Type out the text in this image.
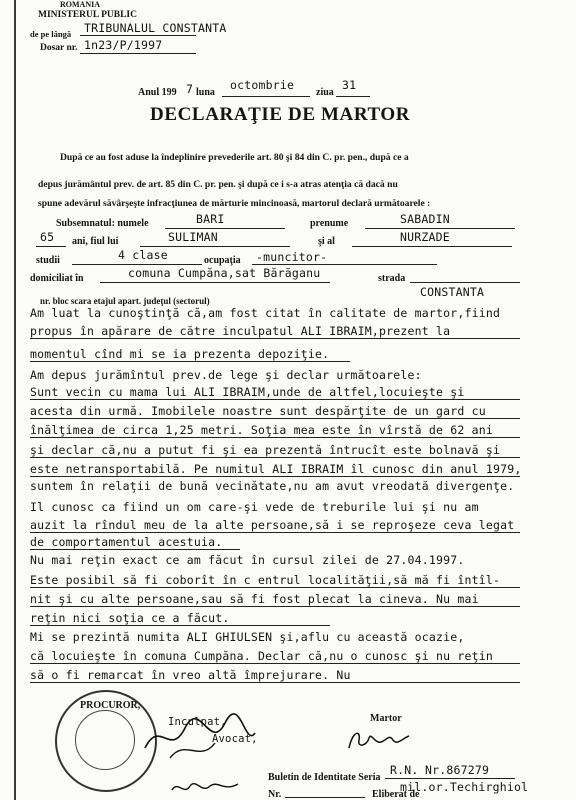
ROMANIA
MINISTERUL PUBLIC
de pe lângă TRIBUNALUL CONSTANTA
Dosar nr. 1n23/P/1997
Anul 199 7 luna
octombrie
ziua
31
DECLARAŢIE DE MARTOR
După ce au fost aduse la îndeplinire prevederile art. 80 şi 84 din C. pr. pen., după ce a
depus jurământul prev. de art. 85 din C. pr. pen. şi după ce i s-a atras atenţia că dacă nu
spune adevărul săvârşeşte infracţiunea de mărturie mincinoasă, martorul declară următoarele :
Subsemnatul: numele	BARI	prenume	SABADIN
65 ani, fiul lui	SULIMAN	şi al	NURZADE
studii	4 clase	ocupaţia -muncitor-
domiciliat în	comuna Cumpăna,sat Bărăganu	strada
CONSTANTA
nr. bloc scara etajul apart. judeţul (sectorul)
Am luat la cunoştinţă că,am fost citat în calitate de martor,fiind
propus în apărare de către inculpatul ALI IBRAIM,prezent la
momentul cînd mi se ia prezenta depoziţie.
Am depus jurămîntul prev.de lege şi declar următoarele:
Sunt vecin cu mama lui ALI IBRAIM,unde de altfel,locuieşte şi
acesta din urmă. Imobilele noastre sunt despărţite de un gard cu
înălţimea de circa 1,25 metri. Soţia mea este în vîrstă de 62 ani
şi declar că,nu a putut fi şi ea prezentă întrucît este bolnavă şi
este netransportabilă. Pe numitul ALI IBRAIM îl cunosc din anul 1979,
suntem în relaţii de bună vecinătate,nu am avut vreodată divergenţe.
Il cunosc ca fiind un om care-şi vede de treburile lui şi nu am
auzit la rîndul meu de la alte persoane,să i se reproşeze ceva legat
de comportamentul acestuia.
Nu mai reţin exact ce am făcut în cursul zilei de 27.04.1997.
Este posibil să fi coborît în c entrul localităţii,să mă fi întîl-
nit şi cu alte persoane,sau să fi fost plecat la cineva. Nu mai
reţin nici soţia ce a făcut.
Mi se prezintă numita ALI GHIULSEN şi,aflu cu această ocazie,
că locuieşte în comuna Cumpăna. Declar că,nu o cunosc şi nu reţin
să o fi remarcat în vreo altă împrejurare. Nu
PROCUROR,
Inculpat,
Avocat,
Martor
Buletin de Identitate Seria
R.N. Nr.867279
Nr.	Eliberat de
mil.or.Techirghiol
